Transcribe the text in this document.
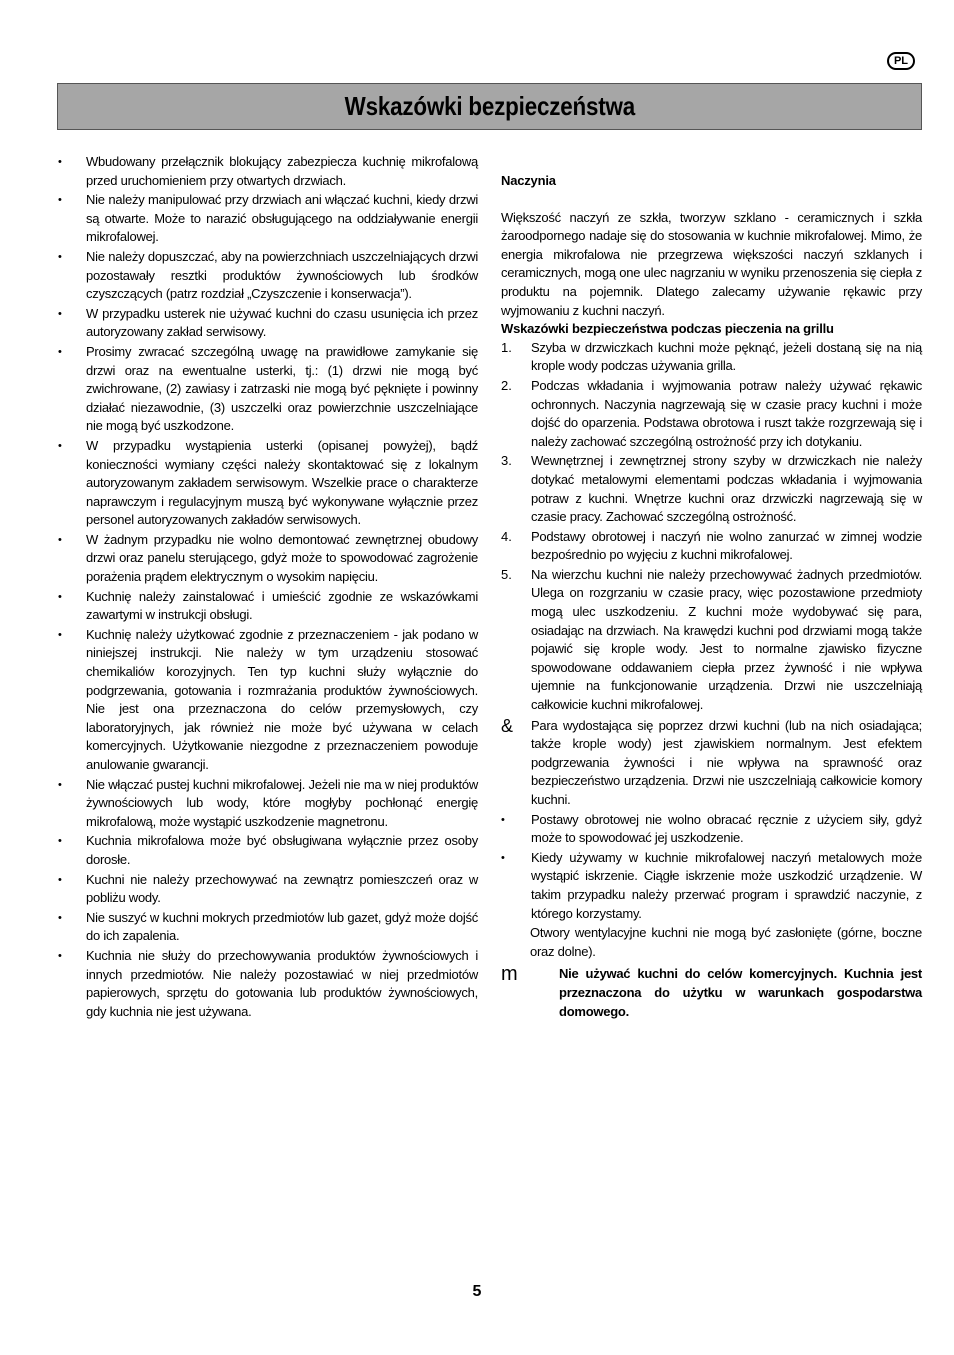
PL
Wskazówki bezpieczeństwa
•	Wbudowany przełącznik blokujący zabezpiecza kuchnię mikrofalową przed uruchomieniem przy otwartych drzwiach.
•	Nie należy manipulować przy drzwiach ani włączać kuchni, kiedy drzwi są otwarte. Może to narazić obsługującego na oddziaływanie energii mikrofalowej.
•	Nie należy dopuszczać, aby na powierzchniach uszczelniających drzwi pozostawały resztki produktów żywnościowych lub środków czyszczących (patrz rozdział „Czyszczenie i konserwacja”).
•	W przypadku usterek nie używać kuchni do czasu usunięcia ich przez autoryzowany zakład serwisowy.
•	Prosimy zwracać szczególną uwagę na prawidłowe zamykanie się drzwi oraz na ewentualne usterki, tj.: (1) drzwi nie mogą być zwichrowane, (2) zawiasy i zatrzaski nie mogą być pęknięte i powinny działać niezawodnie, (3) uszczelki oraz powierzchnie uszczelniające nie mogą być uszkodzone.
•	W przypadku wystąpienia usterki (opisanej powyżej), bądź konieczności wymiany części należy skontaktować się z lokalnym autoryzowanym zakładem serwisowym. Wszelkie prace o charakterze naprawczym i regulacyjnym muszą być wykonywane wyłącznie przez personel autoryzowanych zakładów serwisowych.
•	W żadnym przypadku nie wolno demontować zewnętrznej obudowy drzwi oraz panelu sterującego, gdyż może to spowodować zagrożenie porażenia prądem elektrycznym o wysokim napięciu.
•	Kuchnię należy zainstalować i umieścić zgodnie ze wskazówkami zawartymi w instrukcji obsługi.
•	Kuchnię należy użytkować zgodnie z przeznaczeniem - jak podano w niniejszej instrukcji. Nie należy w tym urządzeniu stosować chemikaliów korozyjnych. Ten typ kuchni służy wyłącznie do podgrzewania, gotowania i rozmrażania produktów żywnościowych. Nie jest ona przeznaczona do celów przemysłowych, czy laboratoryjnych, jak również nie może być używana w celach komercyjnych. Użytkowanie niezgodne z przeznaczeniem powoduje anulowanie gwarancji.
•	Nie włączać pustej kuchni mikrofalowej. Jeżeli nie ma w niej produktów żywnościowych lub wody, które mogłyby pochłonąć energię mikrofalową, może wystąpić uszkodzenie magnetronu.
•	Kuchnia mikrofalowa może być obsługiwana wyłącznie przez osoby dorosłe.
•	Kuchni nie należy przechowywać na zewnątrz pomieszczeń oraz w pobliżu wody.
•	Nie suszyć w kuchni mokrych przedmiotów lub gazet, gdyż może dojść do ich zapalenia.
•	Kuchnia nie służy do przechowywania produktów żywnościowych i innych przedmiotów. Nie należy pozostawiać w niej przedmiotów papierowych, sprzętu do gotowania lub produktów żywnościowych, gdy kuchnia nie jest używana.
Naczynia
Większość naczyń ze szkła, tworzyw szklano - ceramicznych i szkła żaroodpornego nadaje się do stosowania w kuchnie mikrofalowej. Mimo, że energia mikrofalowa nie przegrzewa większości naczyń szklanych i ceramicznych, mogą one ulec nagrzaniu w wyniku przenoszenia się ciepła z produktu na pojemnik. Dlatego zalecamy używanie rękawic przy wyjmowaniu z kuchni naczyń.
Wskazówki bezpieczeństwa podczas pieczenia na grillu
1.	Szyba w drzwiczkach kuchni może pęknąć, jeżeli dostaną się na nią krople wody podczas używania grilla.
2.	Podczas wkładania i wyjmowania potraw należy używać rękawic ochronnych. Naczynia nagrzewają się w czasie pracy kuchni i może dojść do oparzenia. Podstawa obrotowa i ruszt także rozgrzewają się i należy zachować szczególną ostrożność przy ich dotykaniu.
3.	Wewnętrznej i zewnętrznej strony szyby w drzwiczkach nie należy dotykać metalowymi elementami podczas wkładania i wyjmowania potraw z kuchni. Wnętrze kuchni oraz drzwiczki nagrzewają się w czasie pracy. Zachować szczególną ostrożność.
4.	Podstawy obrotowej i naczyń nie wolno zanurzać w zimnej wodzie bezpośrednio po wyjęciu z kuchni mikrofalowej.
5.	Na wierzchu kuchni nie należy przechowywać żadnych przedmiotów. Ulega on rozgrzaniu w czasie pracy, więc pozostawione przedmioty mogą ulec uszkodzeniu. Z kuchni może wydobywać się para, osiadając na drzwiach. Na krawędzi kuchni pod drzwiami mogą także pojawić się krople wody. Jest to normalne zjawisko fizyczne spowodowane oddawaniem ciepła przez żywność i nie wpływa ujemnie na funkcjonowanie urządzenia. Drzwi nie uszczelniają całkowicie kuchni mikrofalowej.
&	Para wydostająca się poprzez drzwi kuchni (lub na nich osiadająca; także krople wody) jest zjawiskiem normalnym. Jest efektem podgrzewania żywności i nie wpływa na sprawność oraz bezpieczeństwo urządzenia. Drzwi nie uszczelniają całkowicie komory kuchni.
•	Postawy obrotowej nie wolno obracać ręcznie z użyciem siły, gdyż może to spowodować jej uszkodzenie.
•	Kiedy używamy w kuchnie mikrofalowej naczyń metalowych może wystąpić iskrzenie. Ciągłe iskrzenie może uszkodzić urządzenie. W takim przypadku należy przerwać program i sprawdzić naczynie, z którego korzystamy.
Otwory wentylacyjne kuchni nie mogą być zasłonięte (górne, boczne oraz dolne).
m	Nie używać kuchni do celów komercyjnych. Kuchnia jest przeznaczona do użytku w warunkach gospodarstwa domowego.
5
